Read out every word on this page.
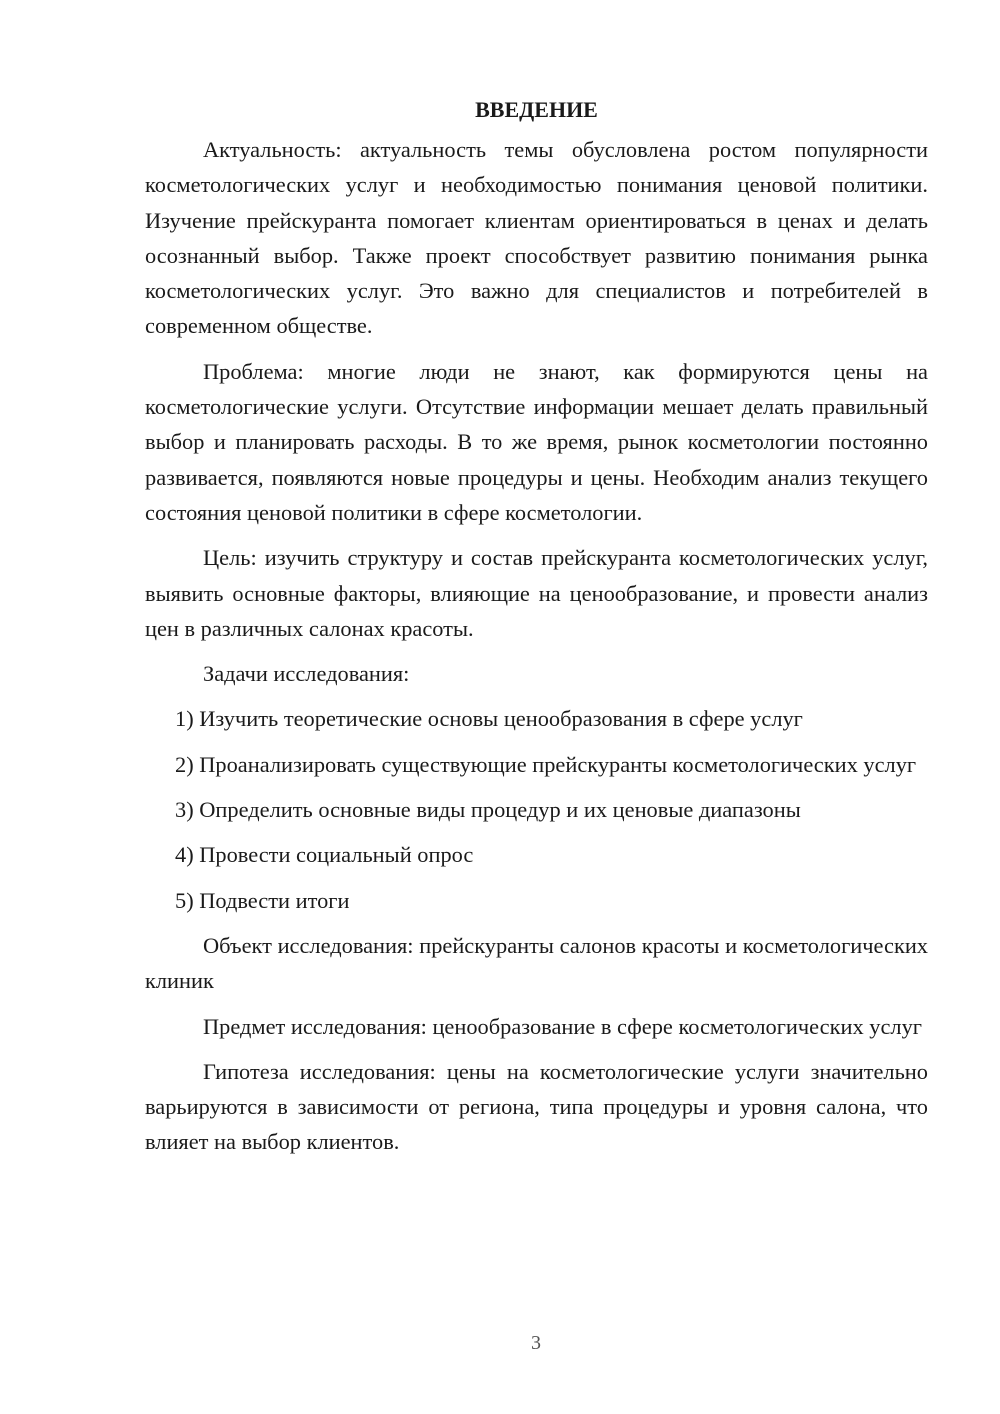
ВВЕДЕНИЕ

Актуальность: актуальность темы обусловлена ростом популярности косметологических услуг и необходимостью понимания ценовой политики. Изучение прейскуранта помогает клиентам ориентироваться в ценах и делать осознанный выбор. Также проект способствует развитию понимания рынка косметологических услуг. Это важно для специалистов и потребителей в современном обществе.

Проблема: многие люди не знают, как формируются цены на косметологические услуги. Отсутствие информации мешает делать правильный выбор и планировать расходы. В то же время, рынок косметологии постоянно развивается, появляются новые процедуры и цены. Необходим анализ текущего состояния ценовой политики в сфере косметологии.

Цель: изучить структуру и состав прейскуранта косметологических услуг, выявить основные факторы, влияющие на ценообразование, и провести анализ цен в различных салонах красоты.

Задачи исследования:

1) Изучить теоретические основы ценообразования в сфере услуг

2) Проанализировать существующие прейскуранты косметологических услуг

3) Определить основные виды процедур и их ценовые диапазоны

4) Провести социальный опрос

5) Подвести итоги

Объект исследования: прейскуранты салонов красоты и косметологических клиник

Предмет исследования: ценообразование в сфере косметологических услуг

Гипотеза исследования: цены на косметологические услуги значительно варьируются в зависимости от региона, типа процедуры и уровня салона, что влияет на выбор клиентов.

3
